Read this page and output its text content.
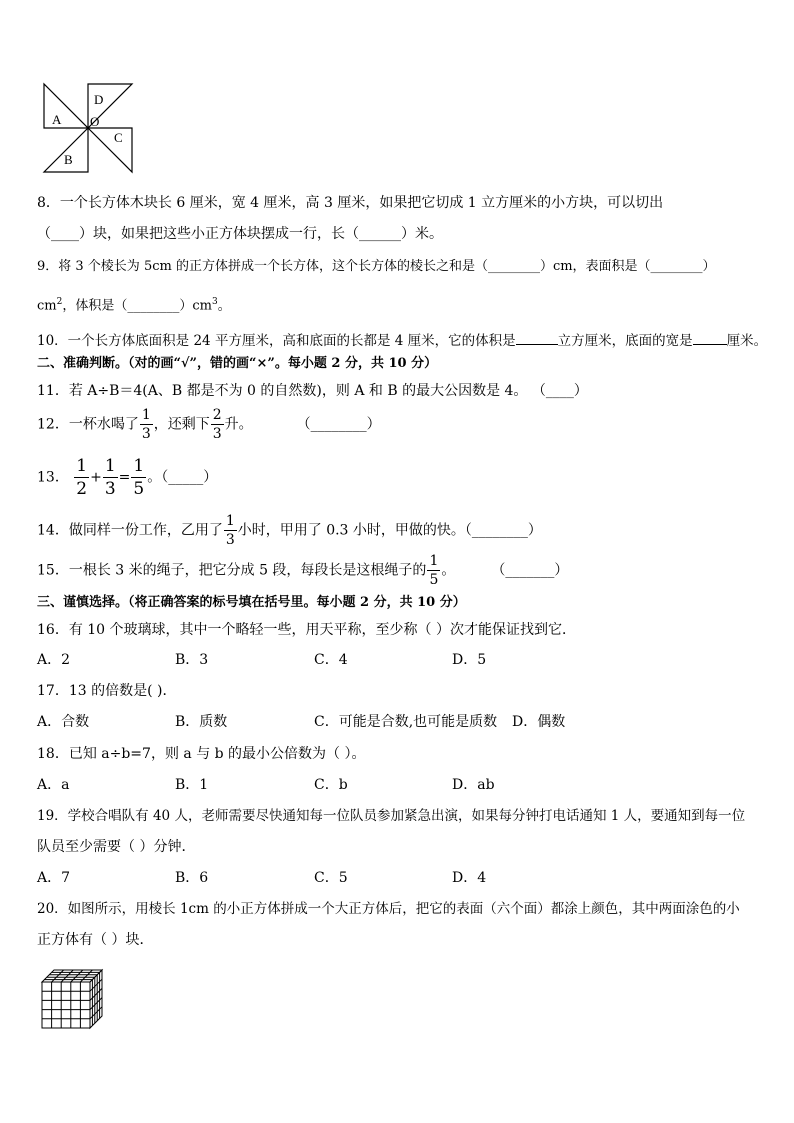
D
A O
C
B
8．一个长方体木块长 6 厘米，宽 4 厘米，高 3 厘米，如果把它切成 1 立方厘米的小方块，可以切出
（____）块，如果把这些小正方体块摆成一行，长（______）米。
9．将 3 个棱长为 5cm 的正方体拼成一个长方体，这个长方体的棱长之和是（________）cm，表面积是（________）
$cm^2$，体积是$(\_\_\_\_\_\_\_\_)cm^3$。
10．一个长方体底面积是 24 平方厘米，高和底面的长都是 4 厘米，它的体积是	立方厘米，底面的宽是	厘米。
二、准确判断。（对的画“√”，错的画“×”。每小题 2 分，共 10 分）
11．若 A÷B＝4(A、B 都是不为 0 的自然数)，则 A 和 B 的最大公因数是 4。 （____）
12．一杯水喝了 $\frac{1}{3}$ ，还剩下 $\frac{2}{3}$ 升。	（________）
13． $\frac{1}{2} + \frac{1}{3} = \frac{1}{5}$ 。（_____）
14．做同样一份工作，乙用了 $\frac{1}{3}$ 小时，甲用了 0.3 小时，甲做的快。（________）
15．一根长 3 米的绳子，把它分成 5 段，每段长是这根绳子的 $\frac{1}{5}$ 。	（_______）
三、谨慎选择。（将正确答案的标号填在括号里。每小题 2 分，共 10 分）
16．有 10 个玻璃球，其中一个略轻一些，用天平称，至少称（ ）次才能保证找到它．
A．2	B．3	C．4	D．5
17．13 的倍数是( )．
A．合数	B．质数	C．可能是合数,也可能是质数 D．偶数
18．已知 a÷b=7，则 a 与 b 的最小公倍数为（ ）。
A．a	B．1	C．b	D．ab
19．学校合唱队有 40 人，老师需要尽快通知每一位队员参加紧急出演，如果每分钟打电话通知 1 人，要通知到每一位
队员至少需要（ ）分钟．
A．7	B．6	C．5	D．4
20．如图所示，用棱长 1cm 的小正方体拼成一个大正方体后，把它的表面（六个面）都涂上颜色，其中两面涂色的小
正方体有（ ）块．
